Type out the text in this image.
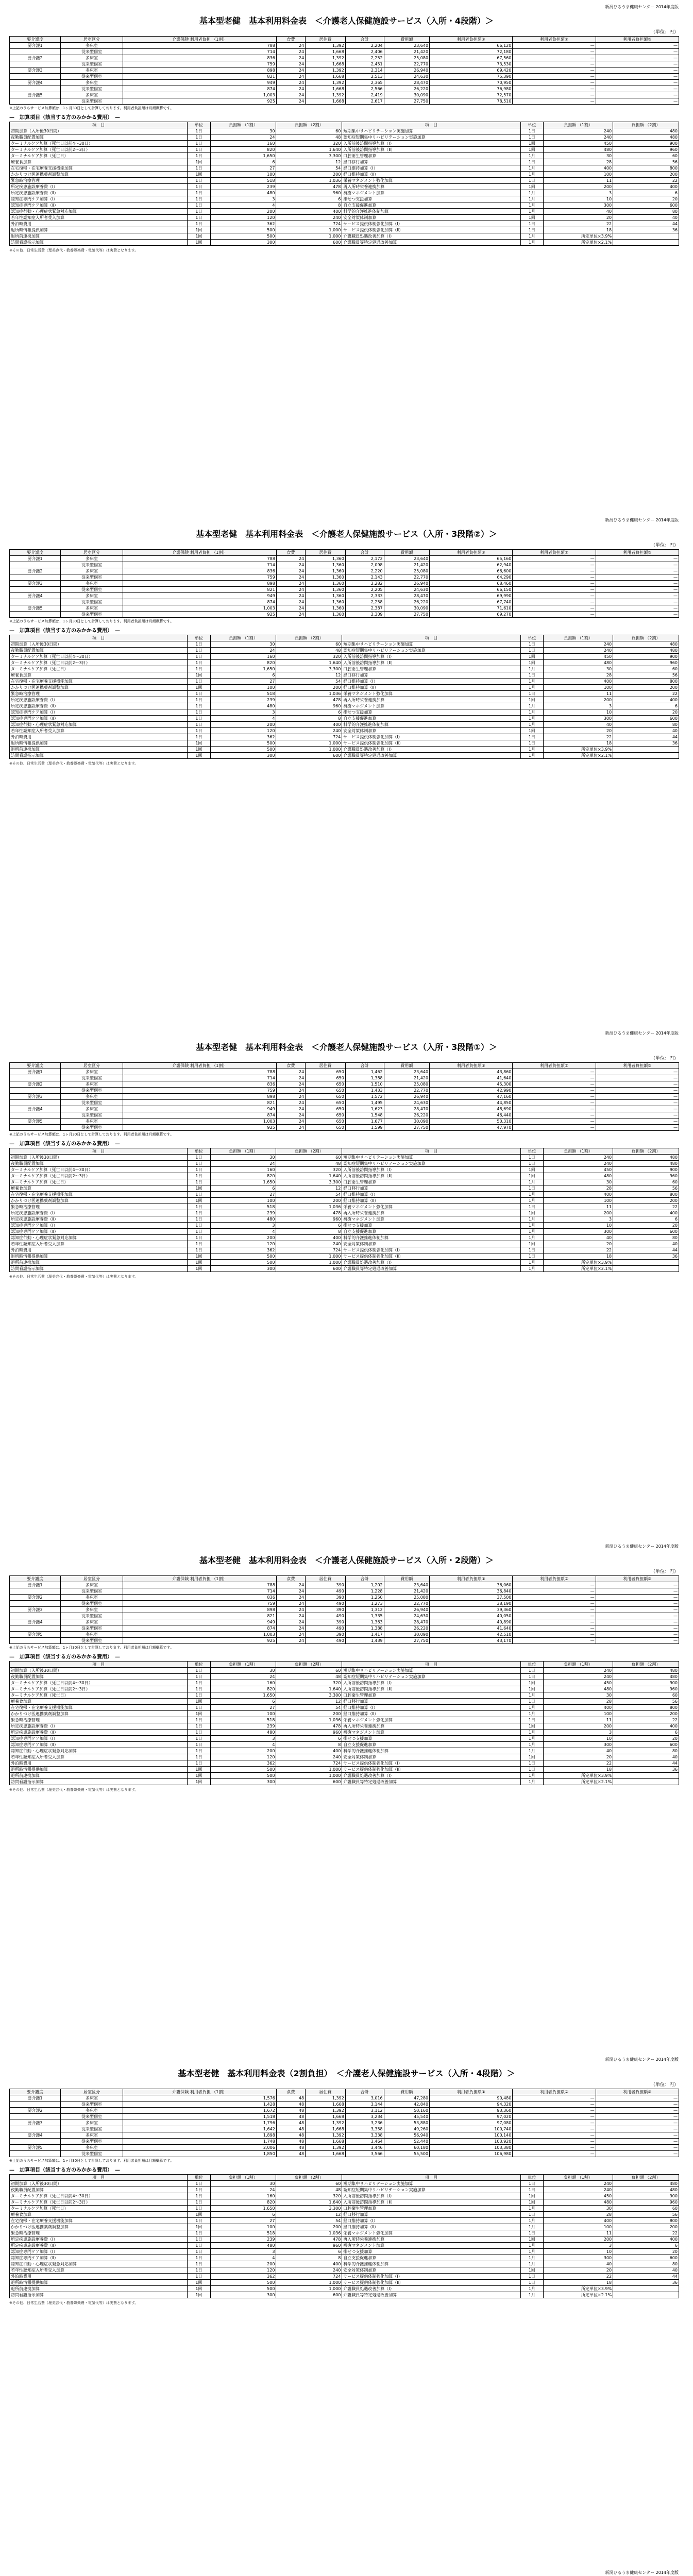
新潟ひるうま健康センター 2014年度版
基本型老健　基本利用料金表　＜介護老人保健施設サービス（入所・4段階）＞
（単位：円）
要介護度	居室区分	介護保険 利用者負担 （1割）	食費	居住費	合計	費用額	利用者負担額①	利用者負担額②	利用者負担額③
要介護1	多床室	788	24	1,392	2,204	23,640	66,120	—	—
	従来型個室	714	24	1,668	2,406	21,420	72,180	—	—
要介護2	多床室	836	24	1,392	2,252	25,080	67,560	—	—
	従来型個室	759	24	1,668	2,451	22,770	73,530	—	—
要介護3	多床室	898	24	1,392	2,314	26,940	69,420	—	—
	従来型個室	821	24	1,668	2,513	24,630	75,390	—	—
要介護4	多床室	949	24	1,392	2,365	28,470	70,950	—	—
	従来型個室	874	24	1,668	2,566	26,220	76,980	—	—
要介護5	多床室	1,003	24	1,392	2,419	30,090	72,570	—	—
	従来型個室	925	24	1,668	2,617	27,750	78,510	—	—
※上記のうちサービス加算額は、1ヶ月30日として計算しております。利用者負担額は月額概算です。
—　加算項目（該当する方のみかかる費用）　—
項　目	単位	負担額 （1割）	負担額 （2割）	項　目	単位	負担額 （1割）	負担額 （2割）
初期加算（入所後30日間）	1日	30	60	短期集中リハビリテーション実施加算	1日	240	480
夜勤職員配置加算	1日	24	48	認知症短期集中リハビリテーション実施加算	1日	240	480
ターミナルケア加算（死亡日以前4〜30日）	1日	160	320	入所前後訪問指導加算（Ⅰ）	1回	450	900
ターミナルケア加算（死亡日以前2〜3日）	1日	820	1,640	入所前後訪問指導加算（Ⅱ）	1回	480	960
ターミナルケア加算（死亡日）	1日	1,650	3,300	口腔衛生管理加算	1月	30	60
療養食加算	1回	6	12	経口移行加算	1日	28	56
在宅復帰・在宅療養支援機能加算	1日	27	54	経口維持加算（Ⅰ）	1月	400	800
かかりつけ医連携薬剤調整加算	1回	100	200	経口維持加算（Ⅱ）	1月	100	200
緊急時治療管理	1日	518	1,036	栄養マネジメント強化加算	1日	11	22
所定疾患施設療養費（Ⅰ）	1日	239	478	再入所時栄養連携加算	1回	200	400
所定疾患施設療養費（Ⅱ）	1日	480	960	褥瘡マネジメント加算	1月	3	6
認知症専門ケア加算（Ⅰ）	1日	3	6	排せつ支援加算	1月	10	20
認知症専門ケア加算（Ⅱ）	1日	4	8	自立支援促進加算	1月	300	600
認知症行動・心理症状緊急対応加算	1日	200	400	科学的介護推進体制加算	1月	40	80
若年性認知症入所者受入加算	1日	120	240	安全対策体制加算	1回	20	40
外泊時費用	1日	362	724	サービス提供体制強化加算（Ⅰ）	1日	22	44
退所時情報提供加算	1回	500	1,000	サービス提供体制強化加算（Ⅱ）	1日	18	36
退所前連携加算	1回	500	1,000	介護職員処遇改善加算（Ⅰ）	1月	所定単位×3.9%	
訪問看護指示加算	1回	300	600	介護職員等特定処遇改善加算	1月	所定単位×2.1%	
※その他、日常生活費（理美容代・教養娯楽費・電気代等）は実費となります。
新潟ひるうま健康センター 2014年度版
基本型老健　基本利用料金表　＜介護老人保健施設サービス（入所・3段階②）＞
（単位：円）
要介護度	居室区分	介護保険 利用者負担 （1割）	食費	居住費	合計	費用額	利用者負担額①	利用者負担額②	利用者負担額③
要介護1	多床室	788	24	1,360	2,172	23,640	65,160	—	—
	従来型個室	714	24	1,360	2,098	21,420	62,940	—	—
要介護2	多床室	836	24	1,360	2,220	25,080	66,600	—	—
	従来型個室	759	24	1,360	2,143	22,770	64,290	—	—
要介護3	多床室	898	24	1,360	2,282	26,940	68,460	—	—
	従来型個室	821	24	1,360	2,205	24,630	66,150	—	—
要介護4	多床室	949	24	1,360	2,333	28,470	69,990	—	—
	従来型個室	874	24	1,360	2,258	26,220	67,740	—	—
要介護5	多床室	1,003	24	1,360	2,387	30,090	71,610	—	—
	従来型個室	925	24	1,360	2,309	27,750	69,270	—	—
※上記のうちサービス加算額は、1ヶ月30日として計算しております。利用者負担額は月額概算です。
—　加算項目（該当する方のみかかる費用）　—
項　目	単位	負担額 （1割）	負担額 （2割）	項　目	単位	負担額 （1割）	負担額 （2割）
初期加算（入所後30日間）	1日	30	60	短期集中リハビリテーション実施加算	1日	240	480
夜勤職員配置加算	1日	24	48	認知症短期集中リハビリテーション実施加算	1日	240	480
ターミナルケア加算（死亡日以前4〜30日）	1日	160	320	入所前後訪問指導加算（Ⅰ）	1回	450	900
ターミナルケア加算（死亡日以前2〜3日）	1日	820	1,640	入所前後訪問指導加算（Ⅱ）	1回	480	960
ターミナルケア加算（死亡日）	1日	1,650	3,300	口腔衛生管理加算	1月	30	60
療養食加算	1回	6	12	経口移行加算	1日	28	56
在宅復帰・在宅療養支援機能加算	1日	27	54	経口維持加算（Ⅰ）	1月	400	800
かかりつけ医連携薬剤調整加算	1回	100	200	経口維持加算（Ⅱ）	1月	100	200
緊急時治療管理	1日	518	1,036	栄養マネジメント強化加算	1日	11	22
所定疾患施設療養費（Ⅰ）	1日	239	478	再入所時栄養連携加算	1回	200	400
所定疾患施設療養費（Ⅱ）	1日	480	960	褥瘡マネジメント加算	1月	3	6
認知症専門ケア加算（Ⅰ）	1日	3	6	排せつ支援加算	1月	10	20
認知症専門ケア加算（Ⅱ）	1日	4	8	自立支援促進加算	1月	300	600
認知症行動・心理症状緊急対応加算	1日	200	400	科学的介護推進体制加算	1月	40	80
若年性認知症入所者受入加算	1日	120	240	安全対策体制加算	1回	20	40
外泊時費用	1日	362	724	サービス提供体制強化加算（Ⅰ）	1日	22	44
退所時情報提供加算	1回	500	1,000	サービス提供体制強化加算（Ⅱ）	1日	18	36
退所前連携加算	1回	500	1,000	介護職員処遇改善加算（Ⅰ）	1月	所定単位×3.9%	
訪問看護指示加算	1回	300	600	介護職員等特定処遇改善加算	1月	所定単位×2.1%	
※その他、日常生活費（理美容代・教養娯楽費・電気代等）は実費となります。
新潟ひるうま健康センター 2014年度版
基本型老健　基本利用料金表　＜介護老人保健施設サービス（入所・3段階①）＞
（単位：円）
要介護度	居室区分	介護保険 利用者負担 （1割）	食費	居住費	合計	費用額	利用者負担額①	利用者負担額②	利用者負担額③
要介護1	多床室	788	24	650	1,462	23,640	43,860	—	—
	従来型個室	714	24	650	1,388	21,420	41,640	—	—
要介護2	多床室	836	24	650	1,510	25,080	45,300	—	—
	従来型個室	759	24	650	1,433	22,770	42,990	—	—
要介護3	多床室	898	24	650	1,572	26,940	47,160	—	—
	従来型個室	821	24	650	1,495	24,630	44,850	—	—
要介護4	多床室	949	24	650	1,623	28,470	48,690	—	—
	従来型個室	874	24	650	1,548	26,220	46,440	—	—
要介護5	多床室	1,003	24	650	1,677	30,090	50,310	—	—
	従来型個室	925	24	650	1,599	27,750	47,970	—	—
※上記のうちサービス加算額は、1ヶ月30日として計算しております。利用者負担額は月額概算です。
—　加算項目（該当する方のみかかる費用）　—
項　目	単位	負担額 （1割）	負担額 （2割）	項　目	単位	負担額 （1割）	負担額 （2割）
初期加算（入所後30日間）	1日	30	60	短期集中リハビリテーション実施加算	1日	240	480
夜勤職員配置加算	1日	24	48	認知症短期集中リハビリテーション実施加算	1日	240	480
ターミナルケア加算（死亡日以前4〜30日）	1日	160	320	入所前後訪問指導加算（Ⅰ）	1回	450	900
ターミナルケア加算（死亡日以前2〜3日）	1日	820	1,640	入所前後訪問指導加算（Ⅱ）	1回	480	960
ターミナルケア加算（死亡日）	1日	1,650	3,300	口腔衛生管理加算	1月	30	60
療養食加算	1回	6	12	経口移行加算	1日	28	56
在宅復帰・在宅療養支援機能加算	1日	27	54	経口維持加算（Ⅰ）	1月	400	800
かかりつけ医連携薬剤調整加算	1回	100	200	経口維持加算（Ⅱ）	1月	100	200
緊急時治療管理	1日	518	1,036	栄養マネジメント強化加算	1日	11	22
所定疾患施設療養費（Ⅰ）	1日	239	478	再入所時栄養連携加算	1回	200	400
所定疾患施設療養費（Ⅱ）	1日	480	960	褥瘡マネジメント加算	1月	3	6
認知症専門ケア加算（Ⅰ）	1日	3	6	排せつ支援加算	1月	10	20
認知症専門ケア加算（Ⅱ）	1日	4	8	自立支援促進加算	1月	300	600
認知症行動・心理症状緊急対応加算	1日	200	400	科学的介護推進体制加算	1月	40	80
若年性認知症入所者受入加算	1日	120	240	安全対策体制加算	1回	20	40
外泊時費用	1日	362	724	サービス提供体制強化加算（Ⅰ）	1日	22	44
退所時情報提供加算	1回	500	1,000	サービス提供体制強化加算（Ⅱ）	1日	18	36
退所前連携加算	1回	500	1,000	介護職員処遇改善加算（Ⅰ）	1月	所定単位×3.9%	
訪問看護指示加算	1回	300	600	介護職員等特定処遇改善加算	1月	所定単位×2.1%	
※その他、日常生活費（理美容代・教養娯楽費・電気代等）は実費となります。
新潟ひるうま健康センター 2014年度版
基本型老健　基本利用料金表　＜介護老人保健施設サービス（入所・2段階）＞
（単位：円）
要介護度	居室区分	介護保険 利用者負担 （1割）	食費	居住費	合計	費用額	利用者負担額①	利用者負担額②	利用者負担額③
要介護1	多床室	788	24	390	1,202	23,640	36,060	—	—
	従来型個室	714	24	490	1,228	21,420	36,840	—	—
要介護2	多床室	836	24	390	1,250	25,080	37,500	—	—
	従来型個室	759	24	490	1,273	22,770	38,190	—	—
要介護3	多床室	898	24	390	1,312	26,940	39,360	—	—
	従来型個室	821	24	490	1,335	24,630	40,050	—	—
要介護4	多床室	949	24	390	1,363	28,470	40,890	—	—
	従来型個室	874	24	490	1,388	26,220	41,640	—	—
要介護5	多床室	1,003	24	390	1,417	30,090	42,510	—	—
	従来型個室	925	24	490	1,439	27,750	43,170	—	—
※上記のうちサービス加算額は、1ヶ月30日として計算しております。利用者負担額は月額概算です。
—　加算項目（該当する方のみかかる費用）　—
項　目	単位	負担額 （1割）	負担額 （2割）	項　目	単位	負担額 （1割）	負担額 （2割）
初期加算（入所後30日間）	1日	30	60	短期集中リハビリテーション実施加算	1日	240	480
夜勤職員配置加算	1日	24	48	認知症短期集中リハビリテーション実施加算	1日	240	480
ターミナルケア加算（死亡日以前4〜30日）	1日	160	320	入所前後訪問指導加算（Ⅰ）	1回	450	900
ターミナルケア加算（死亡日以前2〜3日）	1日	820	1,640	入所前後訪問指導加算（Ⅱ）	1回	480	960
ターミナルケア加算（死亡日）	1日	1,650	3,300	口腔衛生管理加算	1月	30	60
療養食加算	1回	6	12	経口移行加算	1日	28	56
在宅復帰・在宅療養支援機能加算	1日	27	54	経口維持加算（Ⅰ）	1月	400	800
かかりつけ医連携薬剤調整加算	1回	100	200	経口維持加算（Ⅱ）	1月	100	200
緊急時治療管理	1日	518	1,036	栄養マネジメント強化加算	1日	11	22
所定疾患施設療養費（Ⅰ）	1日	239	478	再入所時栄養連携加算	1回	200	400
所定疾患施設療養費（Ⅱ）	1日	480	960	褥瘡マネジメント加算	1月	3	6
認知症専門ケア加算（Ⅰ）	1日	3	6	排せつ支援加算	1月	10	20
認知症専門ケア加算（Ⅱ）	1日	4	8	自立支援促進加算	1月	300	600
認知症行動・心理症状緊急対応加算	1日	200	400	科学的介護推進体制加算	1月	40	80
若年性認知症入所者受入加算	1日	120	240	安全対策体制加算	1回	20	40
外泊時費用	1日	362	724	サービス提供体制強化加算（Ⅰ）	1日	22	44
退所時情報提供加算	1回	500	1,000	サービス提供体制強化加算（Ⅱ）	1日	18	36
退所前連携加算	1回	500	1,000	介護職員処遇改善加算（Ⅰ）	1月	所定単位×3.9%	
訪問看護指示加算	1回	300	600	介護職員等特定処遇改善加算	1月	所定単位×2.1%	
※その他、日常生活費（理美容代・教養娯楽費・電気代等）は実費となります。
新潟ひるうま健康センター 2014年度版
基本型老健　基本利用料金表（2割負担）　＜介護老人保健施設サービス（入所・4段階）＞
（単位：円）
要介護度	居室区分	介護保険 利用者負担 （1割）	食費	居住費	合計	費用額	利用者負担額①	利用者負担額②	利用者負担額③
要介護1	多床室	1,576	48	1,392	3,016	47,280	90,480	—	—
	従来型個室	1,428	48	1,668	3,144	42,840	94,320	—	—
要介護2	多床室	1,672	48	1,392	3,112	50,160	93,360	—	—
	従来型個室	1,518	48	1,668	3,234	45,540	97,020	—	—
要介護3	多床室	1,796	48	1,392	3,236	53,880	97,080	—	—
	従来型個室	1,642	48	1,668	3,358	49,260	100,740	—	—
要介護4	多床室	1,898	48	1,392	3,338	56,940	100,140	—	—
	従来型個室	1,748	48	1,668	3,464	52,440	103,920	—	—
要介護5	多床室	2,006	48	1,392	3,446	60,180	103,380	—	—
	従来型個室	1,850	48	1,668	3,566	55,500	106,980	—	—
※上記のうちサービス加算額は、1ヶ月30日として計算しております。利用者負担額は月額概算です。
—　加算項目（該当する方のみかかる費用）　—
項　目	単位	負担額 （1割）	負担額 （2割）	項　目	単位	負担額 （1割）	負担額 （2割）
初期加算（入所後30日間）	1日	30	60	短期集中リハビリテーション実施加算	1日	240	480
夜勤職員配置加算	1日	24	48	認知症短期集中リハビリテーション実施加算	1日	240	480
ターミナルケア加算（死亡日以前4〜30日）	1日	160	320	入所前後訪問指導加算（Ⅰ）	1回	450	900
ターミナルケア加算（死亡日以前2〜3日）	1日	820	1,640	入所前後訪問指導加算（Ⅱ）	1回	480	960
ターミナルケア加算（死亡日）	1日	1,650	3,300	口腔衛生管理加算	1月	30	60
療養食加算	1回	6	12	経口移行加算	1日	28	56
在宅復帰・在宅療養支援機能加算	1日	27	54	経口維持加算（Ⅰ）	1月	400	800
かかりつけ医連携薬剤調整加算	1回	100	200	経口維持加算（Ⅱ）	1月	100	200
緊急時治療管理	1日	518	1,036	栄養マネジメント強化加算	1日	11	22
所定疾患施設療養費（Ⅰ）	1日	239	478	再入所時栄養連携加算	1回	200	400
所定疾患施設療養費（Ⅱ）	1日	480	960	褥瘡マネジメント加算	1月	3	6
認知症専門ケア加算（Ⅰ）	1日	3	6	排せつ支援加算	1月	10	20
認知症専門ケア加算（Ⅱ）	1日	4	8	自立支援促進加算	1月	300	600
認知症行動・心理症状緊急対応加算	1日	200	400	科学的介護推進体制加算	1月	40	80
若年性認知症入所者受入加算	1日	120	240	安全対策体制加算	1回	20	40
外泊時費用	1日	362	724	サービス提供体制強化加算（Ⅰ）	1日	22	44
退所時情報提供加算	1回	500	1,000	サービス提供体制強化加算（Ⅱ）	1日	18	36
退所前連携加算	1回	500	1,000	介護職員処遇改善加算（Ⅰ）	1月	所定単位×3.9%	
訪問看護指示加算	1回	300	600	介護職員等特定処遇改善加算	1月	所定単位×2.1%	
※その他、日常生活費（理美容代・教養娯楽費・電気代等）は実費となります。
新潟ひるうま健康センター 2014年度版
